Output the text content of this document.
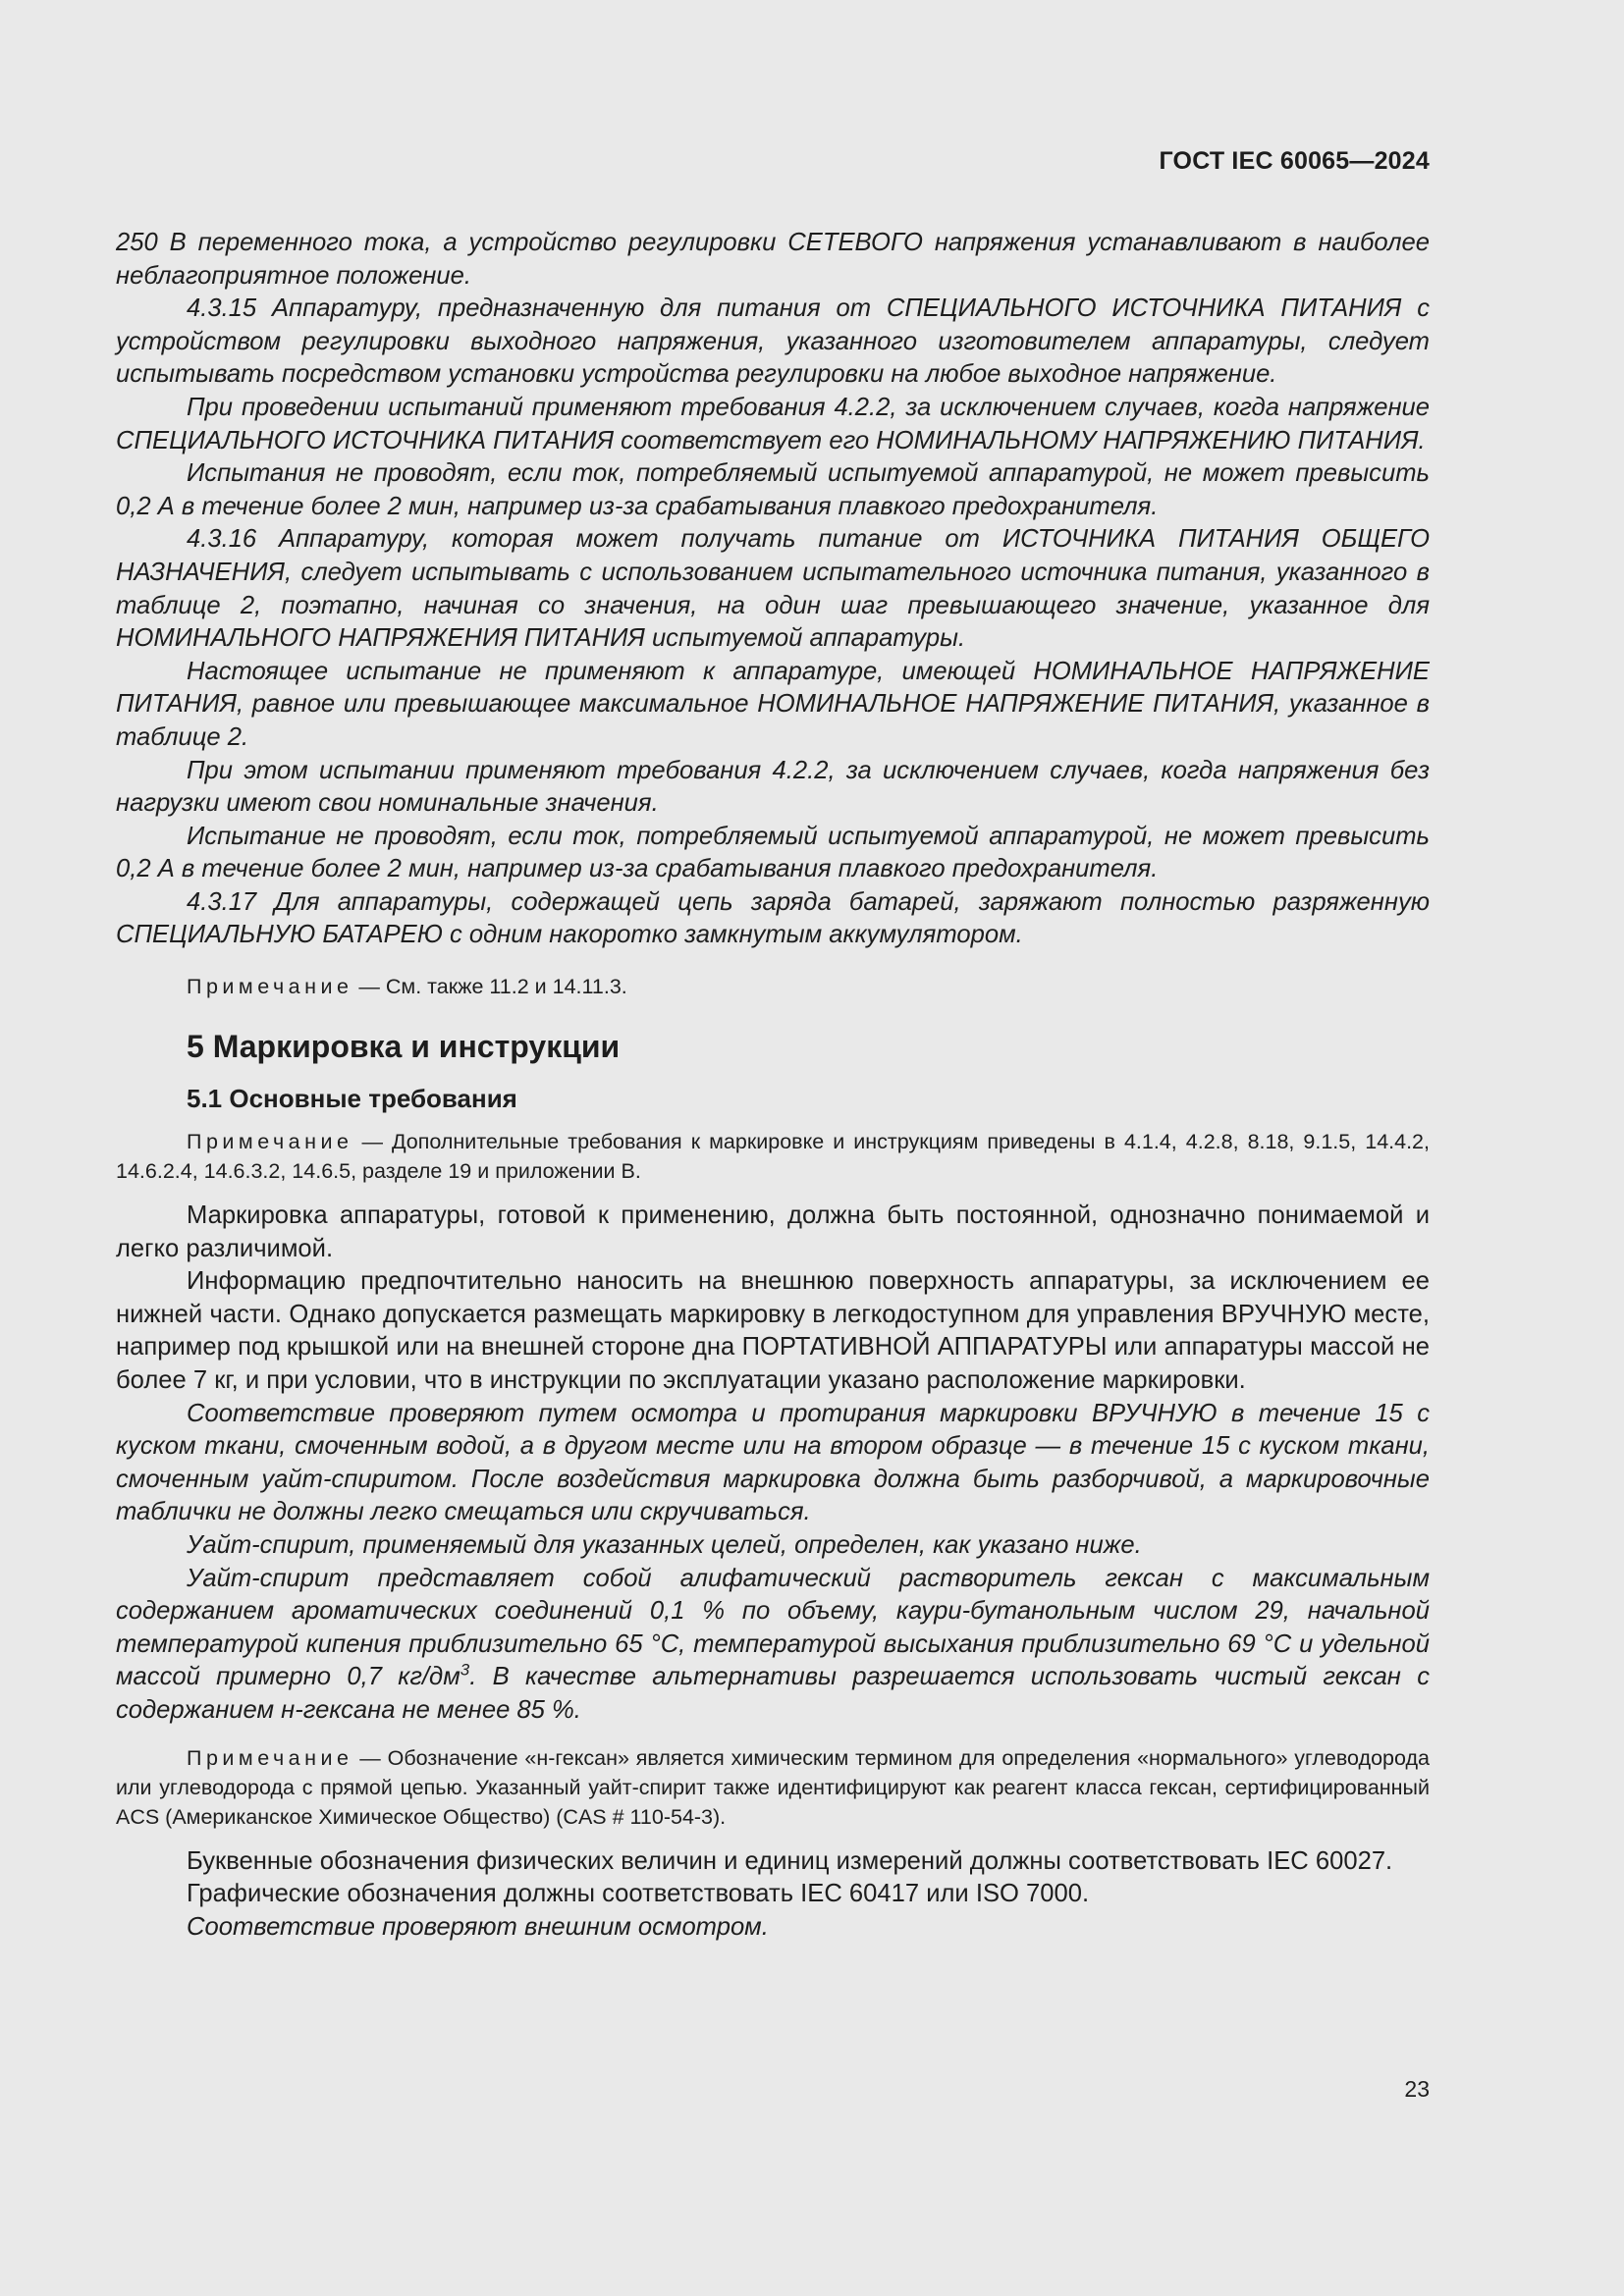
ГОСТ IEC 60065—2024

250 В переменного тока, а устройство регулировки СЕТЕВОГО напряжения устанавливают в наиболее неблагоприятное положение.

4.3.15 Аппаратуру, предназначенную для питания от СПЕЦИАЛЬНОГО ИСТОЧНИКА ПИТАНИЯ с устройством регулировки выходного напряжения, указанного изготовителем аппаратуры, следует испытывать посредством установки устройства регулировки на любое выходное напряжение.

При проведении испытаний применяют требования 4.2.2, за исключением случаев, когда напряжение СПЕЦИАЛЬНОГО ИСТОЧНИКА ПИТАНИЯ соответствует его НОМИНАЛЬНОМУ НАПРЯЖЕНИЮ ПИТАНИЯ.

Испытания не проводят, если ток, потребляемый испытуемой аппаратурой, не может превысить 0,2 А в течение более 2 мин, например из-за срабатывания плавкого предохранителя.

4.3.16 Аппаратуру, которая может получать питание от ИСТОЧНИКА ПИТАНИЯ ОБЩЕГО НАЗНАЧЕНИЯ, следует испытывать с использованием испытательного источника питания, указанного в таблице 2, поэтапно, начиная со значения, на один шаг превышающего значение, указанное для НОМИНАЛЬНОГО НАПРЯЖЕНИЯ ПИТАНИЯ испытуемой аппаратуры.

Настоящее испытание не применяют к аппаратуре, имеющей НОМИНАЛЬНОЕ НАПРЯЖЕНИЕ ПИТАНИЯ, равное или превышающее максимальное НОМИНАЛЬНОЕ НАПРЯЖЕНИЕ ПИТАНИЯ, указанное в таблице 2.

При этом испытании применяют требования 4.2.2, за исключением случаев, когда напряжения без нагрузки имеют свои номинальные значения.

Испытание не проводят, если ток, потребляемый испытуемой аппаратурой, не может превысить 0,2 А в течение более 2 мин, например из-за срабатывания плавкого предохранителя.

4.3.17 Для аппаратуры, содержащей цепь заряда батарей, заряжают полностью разряженную СПЕЦИАЛЬНУЮ БАТАРЕЮ с одним накоротко замкнутым аккумулятором.

Примечание — См. также 11.2 и 14.11.3.

5 Маркировка и инструкции
5.1 Основные требования

Примечание — Дополнительные требования к маркировке и инструкциям приведены в 4.1.4, 4.2.8, 8.18, 9.1.5, 14.4.2, 14.6.2.4, 14.6.3.2, 14.6.5, разделе 19 и приложении В.

Маркировка аппаратуры, готовой к применению, должна быть постоянной, однозначно понимаемой и легко различимой.

Информацию предпочтительно наносить на внешнюю поверхность аппаратуры, за исключением ее нижней части. Однако допускается размещать маркировку в легкодоступном для управления ВРУЧНУЮ месте, например под крышкой или на внешней стороне дна ПОРТАТИВНОЙ АППАРАТУРЫ или аппаратуры массой не более 7 кг, и при условии, что в инструкции по эксплуатации указано расположение маркировки.

Соответствие проверяют путем осмотра и протирания маркировки ВРУЧНУЮ в течение 15 с куском ткани, смоченным водой, а в другом месте или на втором образце — в течение 15 с куском ткани, смоченным уайт-спиритом. После воздействия маркировка должна быть разборчивой, а маркировочные таблички не должны легко смещаться или скручиваться.

Уайт-спирит, применяемый для указанных целей, определен, как указано ниже.

Уайт-спирит представляет собой алифатический растворитель гексан с максимальным содержанием ароматических соединений 0,1 % по объему, каури-бутанольным числом 29, начальной температурой кипения приблизительно 65 °С, температурой высыхания приблизительно 69 °С и удельной массой примерно 0,7 $кг/дм^3$. В качестве альтернативы разрешается использовать чистый гексан с содержанием н-гексана не менее 85 %.

Примечание — Обозначение «н-гексан» является химическим термином для определения «нормального» углеводорода или углеводорода с прямой цепью. Указанный уайт-спирит также идентифицируют как реагент класса гексан, сертифицированный ACS (Американское Химическое Общество) (CAS # 110-54-3).

Буквенные обозначения физических величин и единиц измерений должны соответствовать IEC 60027.

Графические обозначения должны соответствовать IEC 60417 или ISO 7000.

Соответствие проверяют внешним осмотром.

23
